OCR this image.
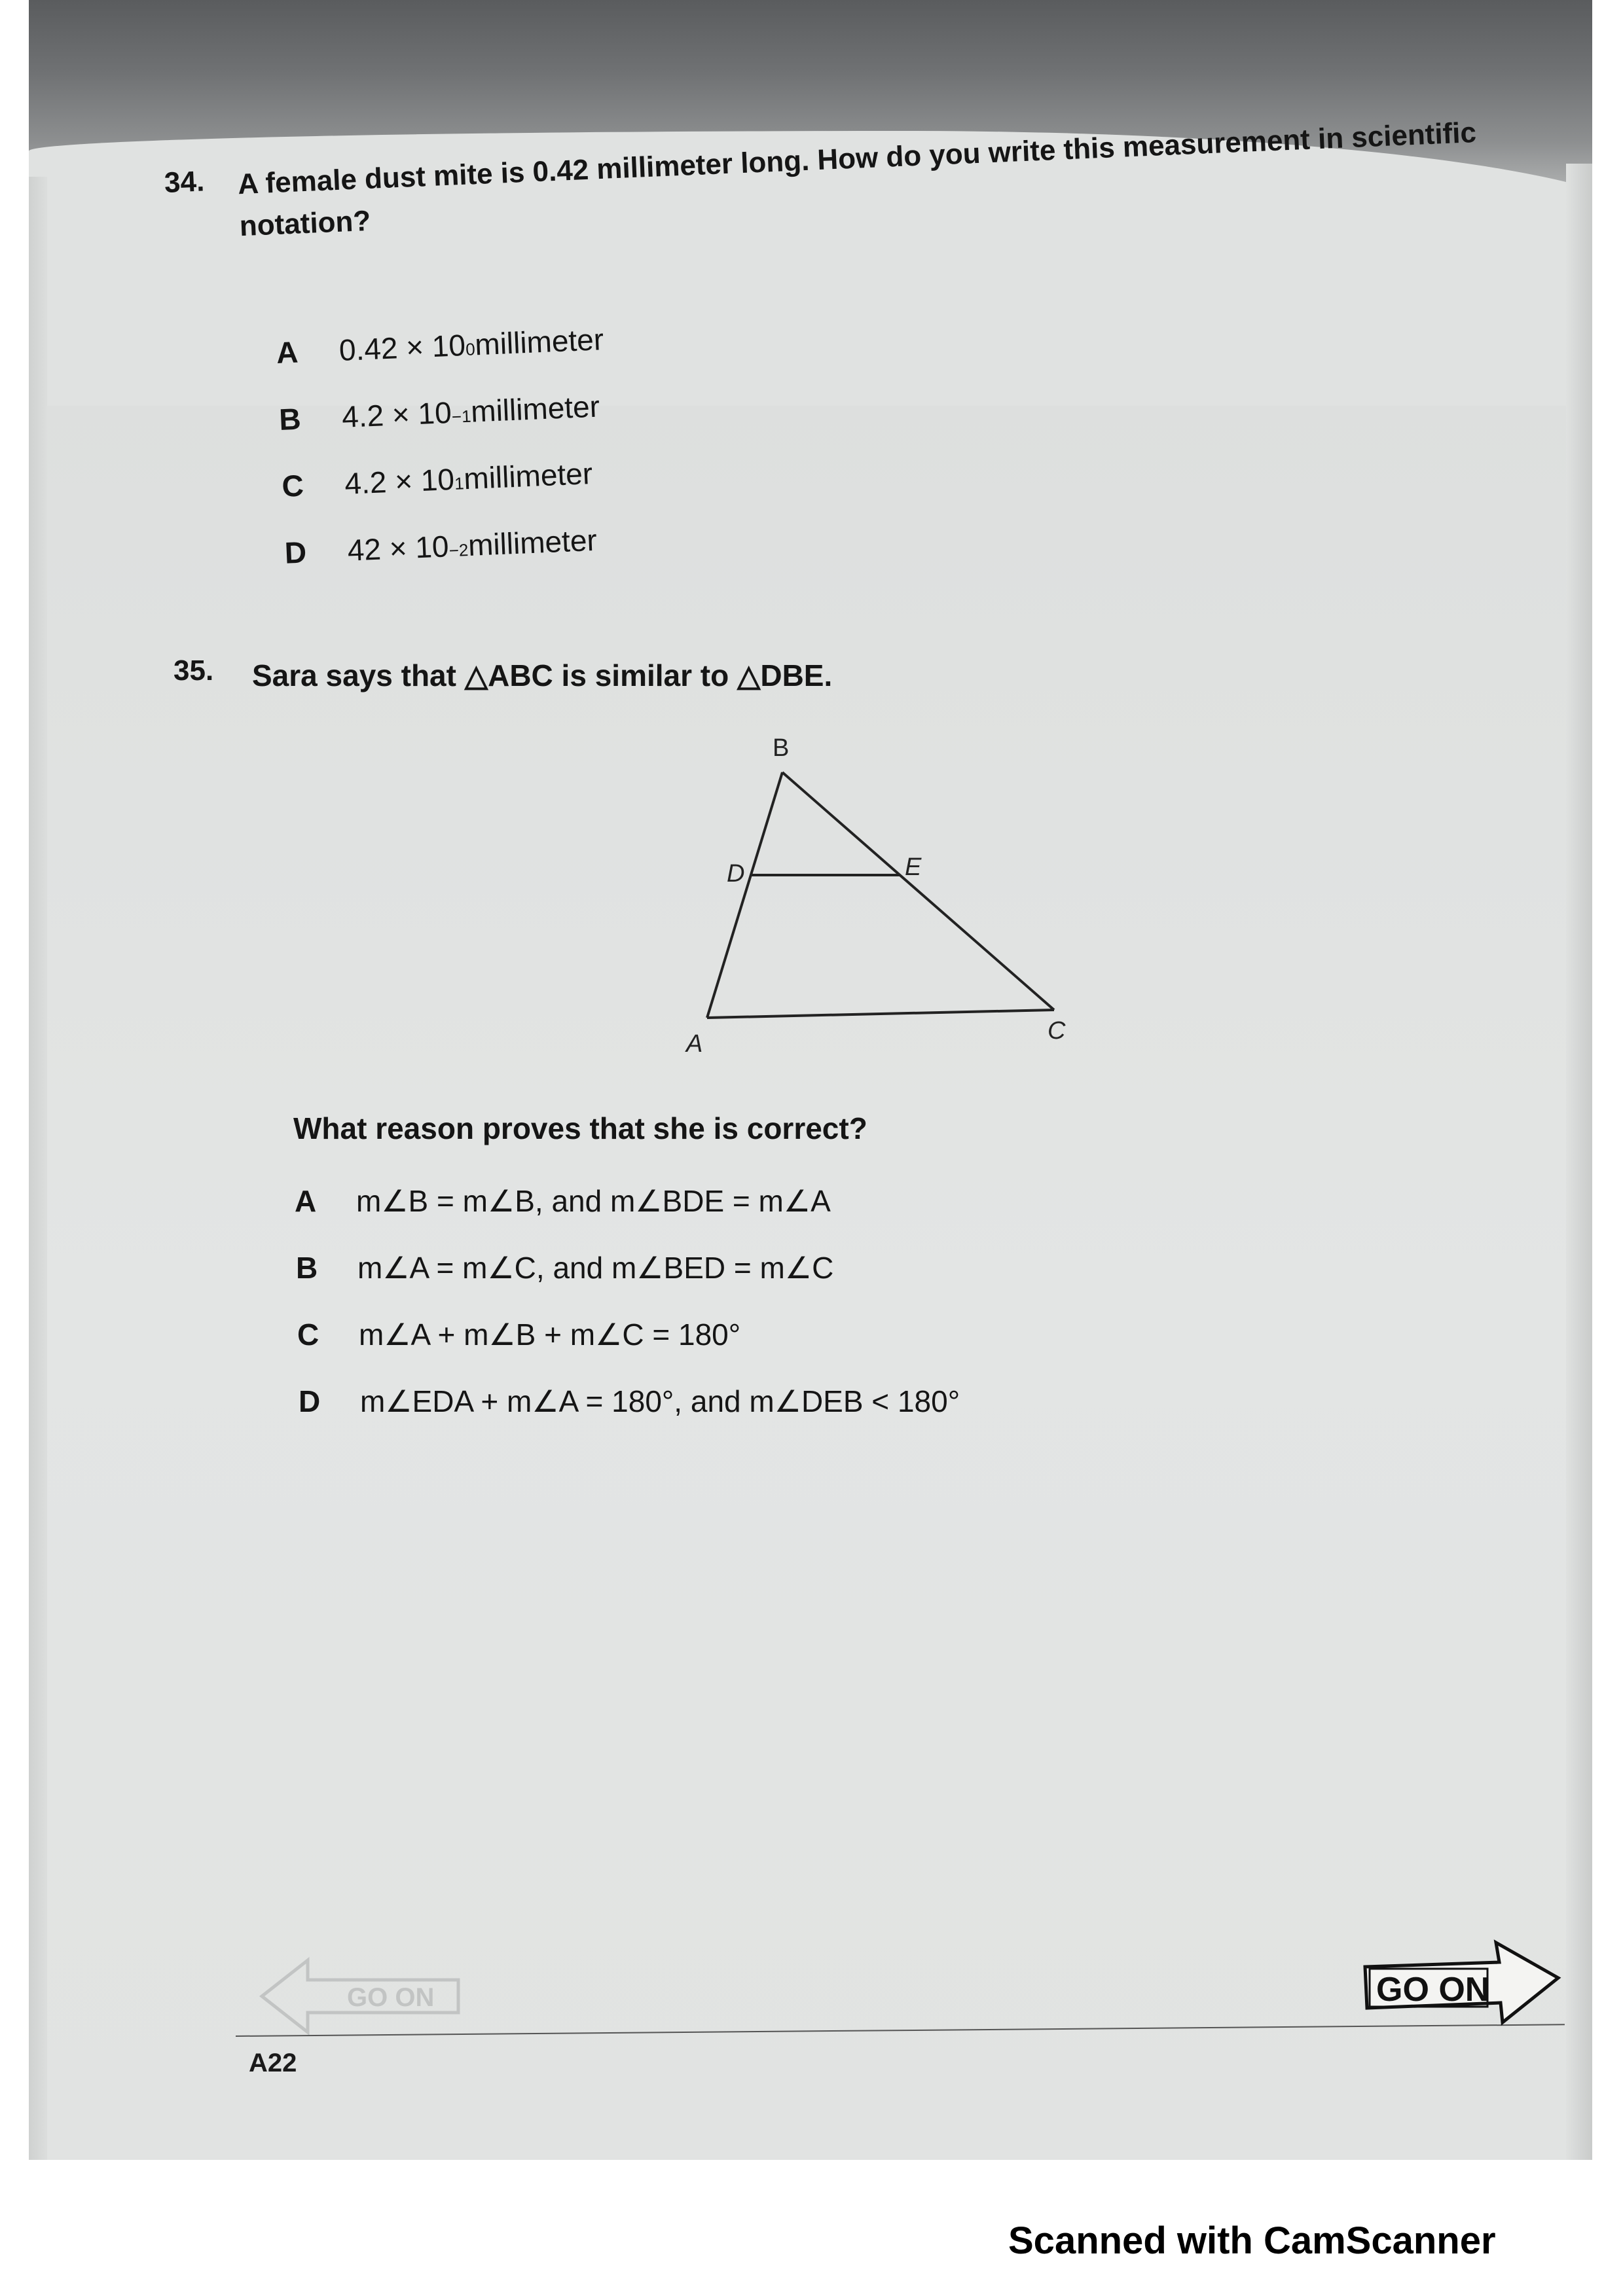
34. A female dust mite is 0.42 millimeter long. How do you write this measurement in scientific notation?
A	0.42 × 10
0
millimeter
B	4.2 × 10
−1
millimeter
C	4.2 × 10
1
millimeter
D	42 × 10
−2
millimeter
35. Sara says that △ABC is similar to △DBE.
B
D	E
A	C
What reason proves that she is correct?
A m∠B = m∠B, and m∠BDE = m∠A
B m∠A = m∠C, and m∠BED = m∠C
C m∠A + m∠B + m∠C = 180°
D m∠EDA + m∠A = 180°, and m∠DEB < 180°
GO ON
A22
GO ON
Scanned with CamScanner
